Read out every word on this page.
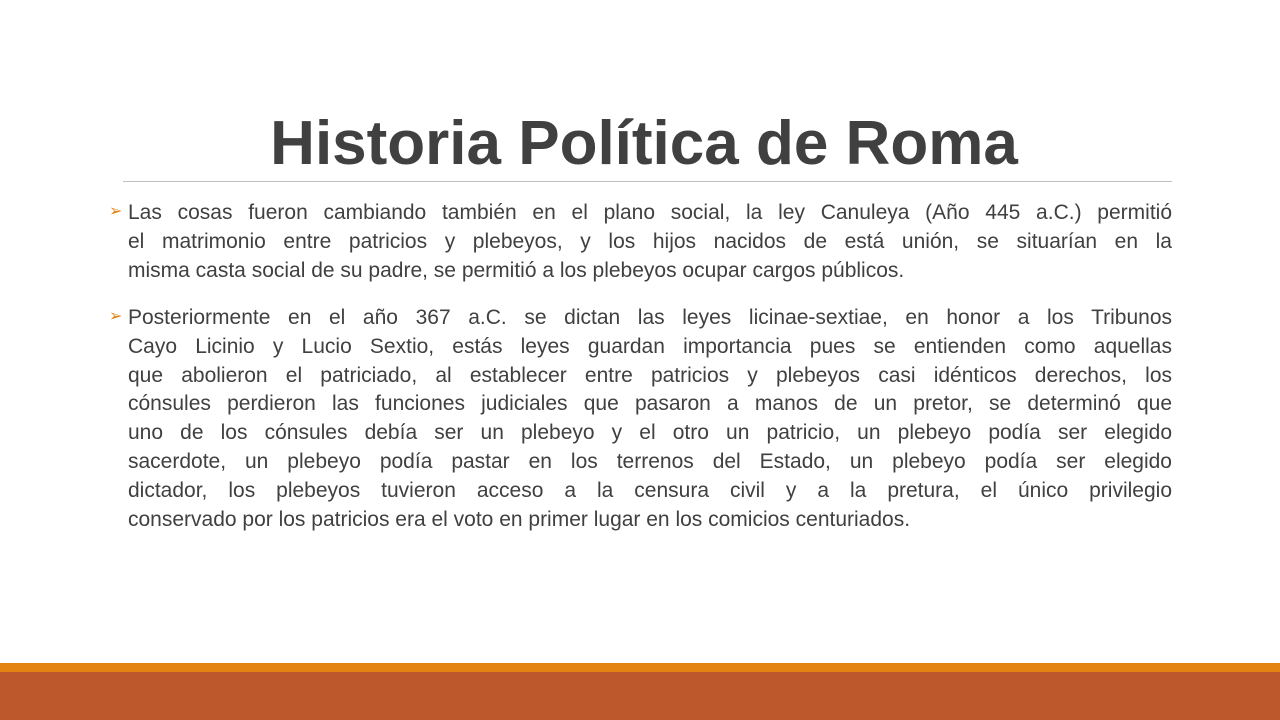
Historia Política de Roma
➢
Las cosas fueron cambiando también en el plano social, la ley Canuleya (Año 445 a.C.) permitió
el matrimonio entre patricios y plebeyos, y los hijos nacidos de está unión, se situarían en la
misma casta social de su padre, se permitió a los plebeyos ocupar cargos públicos.
➢
Posteriormente en el año 367 a.C. se dictan las leyes licinae-sextiae, en honor a los Tribunos
Cayo Licinio y Lucio Sextio, estás leyes guardan importancia pues se entienden como aquellas
que abolieron el patriciado, al establecer entre patricios y plebeyos casi idénticos derechos, los
cónsules perdieron las funciones judiciales que pasaron a manos de un pretor, se determinó que
uno de los cónsules debía ser un plebeyo y el otro un patricio, un plebeyo podía ser elegido
sacerdote, un plebeyo podía pastar en los terrenos del Estado, un plebeyo podía ser elegido
dictador, los plebeyos tuvieron acceso a la censura civil y a la pretura, el único privilegio
conservado por los patricios era el voto en primer lugar en los comicios centuriados.
